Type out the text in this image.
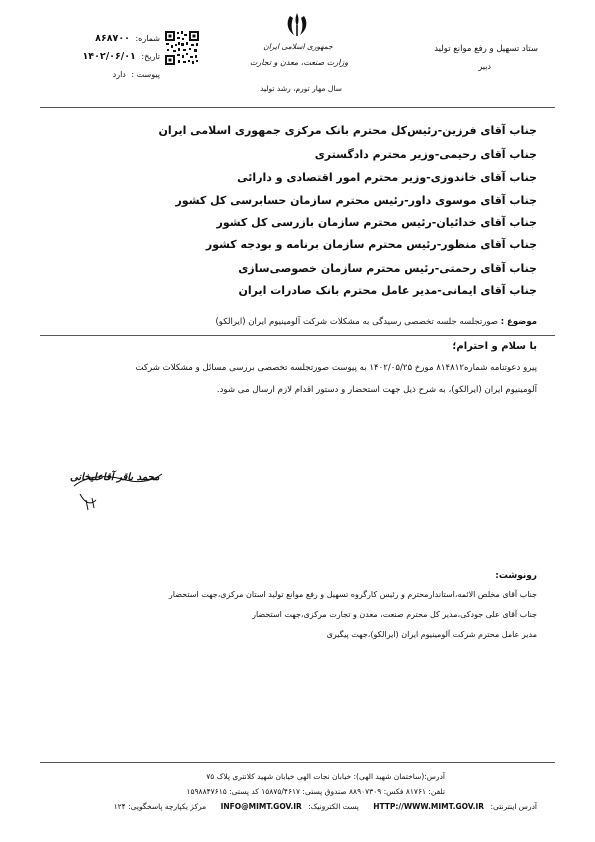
ستاد تسهیل و رفع موانع تولید
دبیر
جمهوری اسلامی ایران
وزارت صنعت، معدن و تجارت
سال مهار تورم، رشد تولید
شماره: ۸۶۸۷۰۰
تاریخ: ۱۴۰۲/۰۶/۰۱
پیوست : دارد
جناب آقای فرزین-رئیس‌کل محترم بانک مرکزی جمهوری اسلامی ایران
جناب آقای رحیمی-وزیر محترم دادگستری
جناب آقای خاندوزی-وزیر محترم امور اقتصادی و دارائی
جناب آقای موسوی داور-رئیس محترم سازمان حسابرسی کل کشور
جناب آقای خدائیان-رئیس محترم سازمان بازرسی کل کشور
جناب آقای منظور-رئیس محترم سازمان برنامه و بودجه کشور
جناب آقای رحمتی-رئیس محترم سازمان خصوصی‌سازی
جناب آقای ایمانی-مدیر عامل محترم بانک صادرات ایران
موضوع : صورتجلسه جلسه تخصصی رسیدگی به مشکلات شرکت آلومینیوم ایران (ایرالکو)
با سلام و احترام؛
پیرو دعوتنامه شماره۸۱۴۸۱۲ مورخ ۱۴۰۲/۰۵/۲۵ به پیوست صورتجلسه تخصصی بررسی مسائل و مشکلات شرکت
آلومینیوم ایران (ایرالکو)، به شرح ذیل جهت استحضار و دستور اقدام لازم ارسال می شود.
محمد باقر آقاعلیخانی
رونوشت:
جناب آقای مخلص الائمه،استاندارمحترم و رئیس کارگروه تسهیل و رفع موانع تولید استان مرکزی،جهت استحضار
جناب آقای علی جودکی،مدیر کل محترم صنعت، معدن و تجارت مرکزی،جهت استحضار
مدیر عامل محترم شرکت آلومینیوم ایران (ایرالکو)،جهت پیگیری
آدرس:(ساختمان شهید الهی): خیابان نجات الهی خیابان شهید کلانتری پلاک ۷۵
تلفن: ۸۱۷۶۱ فکس: ۸۸۹۰۷۳۰۹ صندوق پستی: ۱۵۸۷۵/۴۶۱۷ کد پستی: ۱۵۹۸۸۴۷۶۱۵
آدرس اینترنتی: HTTP://WWW.MIMT.GOV.IR پست الکترونیک: INFO@MIMT.GOV.IR مرکز یکپارچه پاسخگویی: ۱۲۴
